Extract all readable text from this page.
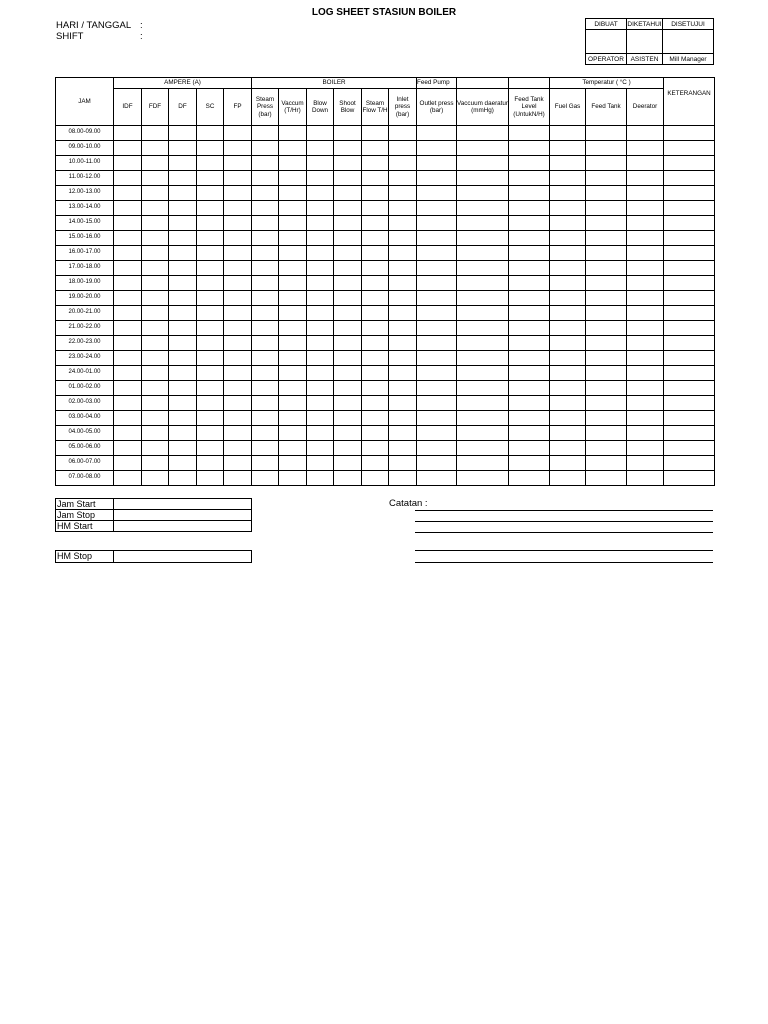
LOG SHEET STASIUN BOILER
HARI / TANGGAL :
SHIFT	:
DIBUAT	DIKETAHUI	DISETUJUI

OPERATOR	ASISTEN	Mill Manager
JAM	AMPERE (A)					BOILER						Feed Pump			Temperatur ( °C )			KETERANGAN
	IDF	FDF	DF	SC	FP	Steam Press (bar)	Vaccum (T/Hr)	Blow Down	Shoot Blow	Steam Flow T/H	Inlet press (bar)	Outlet press (bar)	Vaccuum daeratur (mmHg)	Feed Tank Level (UntukN/H)	Fuel Gas	Feed Tank	Deerator	
08.00-09.00																		
09.00-10.00																		
10.00-11.00																		
11.00-12.00																		
12.00-13.00																		
13.00-14.00																		
14.00-15.00																		
15.00-16.00																		
16.00-17.00																		
17.00-18.00																		
18.00-19.00																		
19.00-20.00																		
20.00-21.00																		
21.00-22.00																		
22.00-23.00																		
23.00-24.00																		
24.00-01.00																		
01.00-02.00																		
02.00-03.00																		
03.00-04.00																		
04.00-05.00																		
05.00-06.00																		
06.00-07.00																		
07.00-08.00																		
Jam Start	
Jam Stop	
HM Start	
HM Stop	
Catatan :
